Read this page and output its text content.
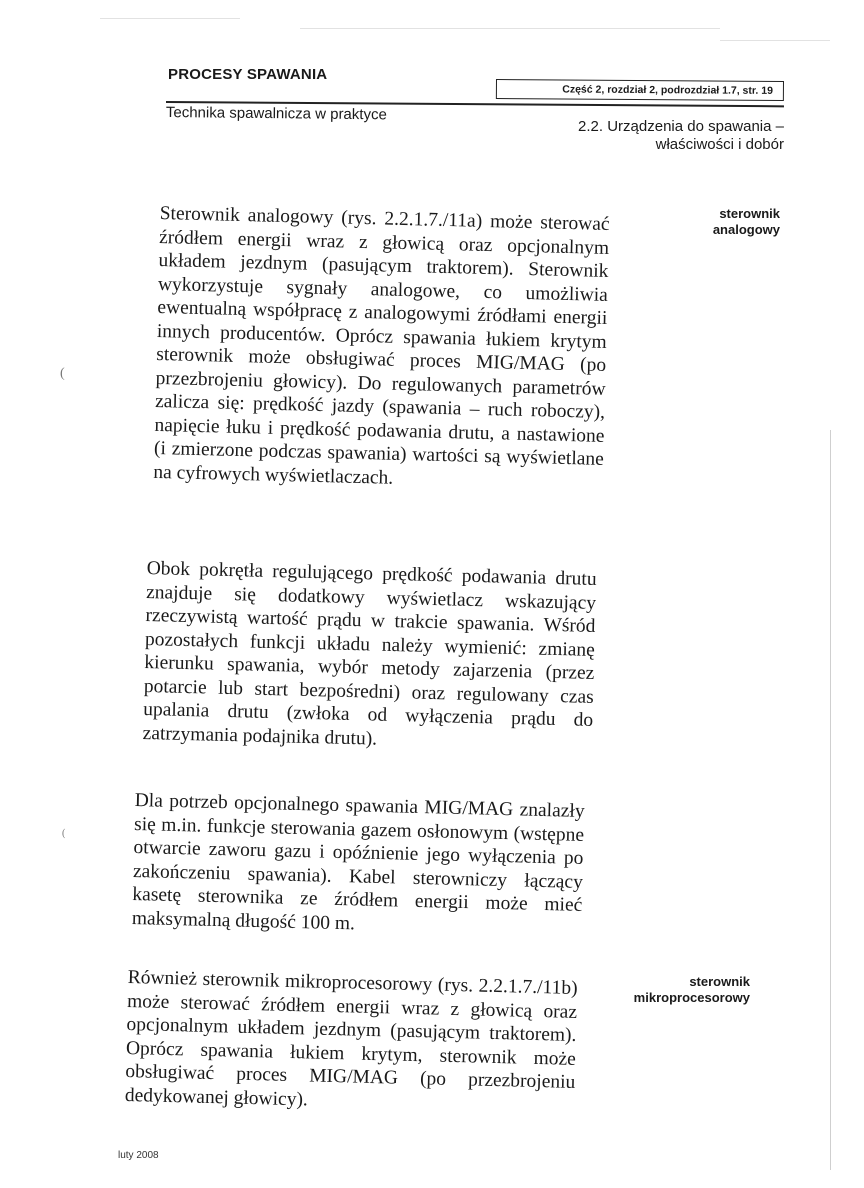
PROCESY SPAWANIA
Część 2, rozdział 2, podrozdział 1.7, str. 19
Technika spawalnicza w praktyce
2.2. Urządzenia do spawania –
właściwości i dobór
sterownik
analogowy
Sterownik analogowy (rys. 2.2.1.7./11a) może sterować źródłem energii wraz z głowicą oraz opcjonalnym układem jezdnym (pasującym traktorem). Sterownik wykorzystuje sygnały analogowe, co umożliwia ewentualną współpracę z analogowymi źródłami energii innych producentów. Oprócz spawania łukiem krytym sterownik może obsługiwać proces MIG/MAG (po przezbrojeniu głowicy). Do regulowanych parametrów zalicza się: prędkość jazdy (spawania – ruch roboczy), napięcie łuku i prędkość podawania drutu, a nastawione (i zmierzone podczas spawania) wartości są wyświetlane na cyfrowych wyświetlaczach.
Obok pokrętła regulującego prędkość podawania drutu znajduje się dodatkowy wyświetlacz wskazujący rzeczywistą wartość prądu w trakcie spawania. Wśród pozostałych funkcji układu należy wymienić: zmianę kierunku spawania, wybór metody zajarzenia (przez potarcie lub start bezpośredni) oraz regulowany czas upalania drutu (zwłoka od wyłączenia prądu do zatrzymania podajnika drutu).
Dla potrzeb opcjonalnego spawania MIG/MAG znalazły się m.in. funkcje sterowania gazem osłonowym (wstępne otwarcie zaworu gazu i opóźnienie jego wyłączenia po zakończeniu spawania). Kabel sterowniczy łączący kasetę sterownika ze źródłem energii może mieć maksymalną długość 100 m.
sterownik
mikroprocesorowy
Również sterownik mikroprocesorowy (rys. 2.2.1.7./11b) może sterować źródłem energii wraz z głowicą oraz opcjonalnym układem jezdnym (pasującym traktorem). Oprócz spawania łukiem krytym, sterownik może obsługiwać proces MIG/MAG (po przezbrojeniu dedykowanej głowicy).
(
(
luty 2008
